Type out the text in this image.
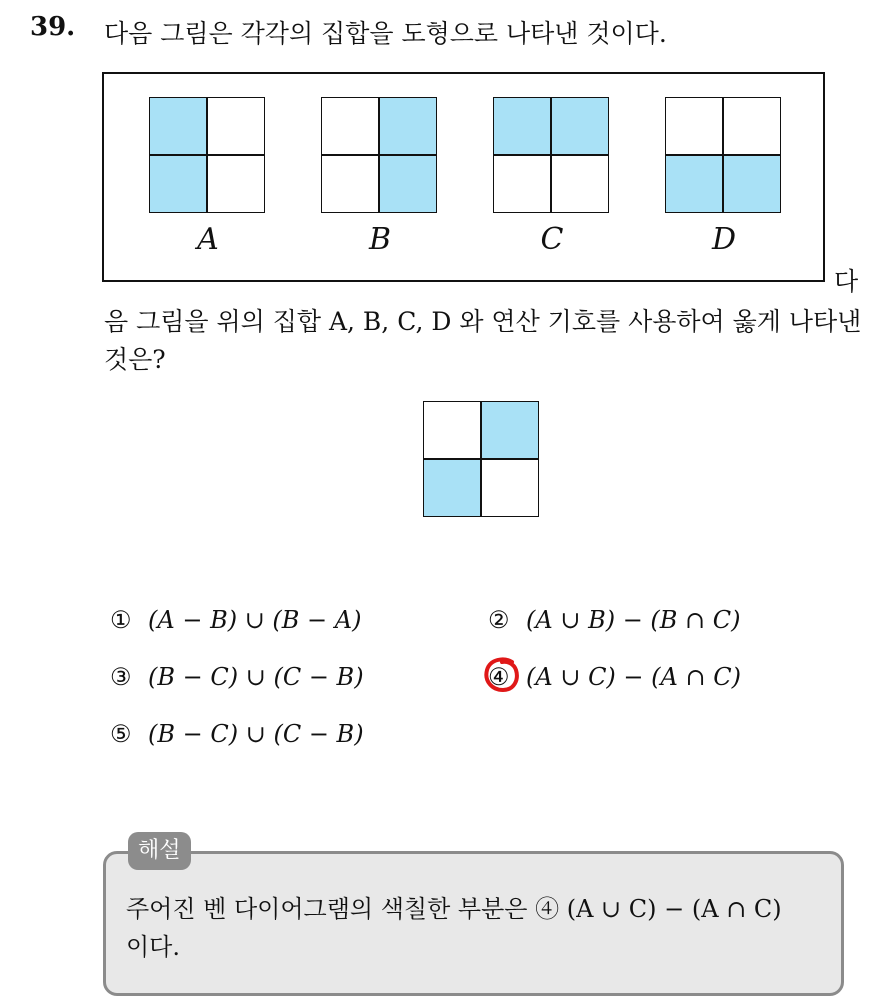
39. 다음 그림은 각각의 집합을 도형으로 나타낸 것이다.
A	B	C	D
다
음 그림을 위의 집합 A, B, C, D 와 연산 기호를 사용하여 옳게 나타낸
것은?
① (A − B) ∪ (B − A)	② (A ∪ B) − (B ∩ C)
③ (B − C) ∪ (C − B)	④ (A ∪ C) − (A ∩ C)
⑤ (B − C) ∪ (C − B)
해설
주어진 벤 다이어그램의 색칠한 부분은 ④ (A ∪ C) − (A ∩ C)
이다.
